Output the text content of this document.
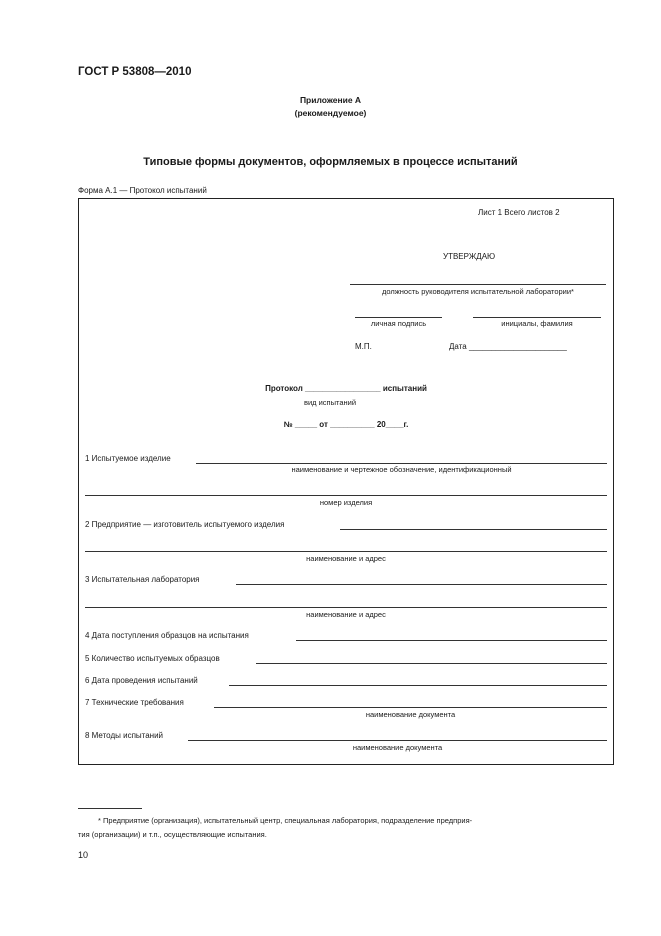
ГОСТ Р 53808—2010
Приложение А
(рекомендуемое)
Типовые формы документов, оформляемых в процессе испытаний
Форма А.1 — Протокол испытаний
Лист 1 Всего листов 2
УТВЕРЖДАЮ
должность руководителя испытательной лаборатории*
личная подпись	инициалы, фамилия
М.П.	Дата ______________________
Протокол _________________ испытаний
вид испытаний
№ _____ от __________ 20____г.
1 Испытуемое изделие
наименование и чертежное обозначение, идентификационный
номер изделия
2 Предприятие — изготовитель испытуемого изделия
наименование и адрес
3 Испытательная лаборатория
наименование и адрес
4 Дата поступления образцов на испытания
5 Количество испытуемых образцов
6 Дата проведения испытаний
7 Технические требования
наименование документа
8 Методы испытаний
наименование документа
* Предприятие (организация), испытательный центр, специальная лаборатория, подразделение предприя-
тия (организации) и т.п., осуществляющие испытания.
10
